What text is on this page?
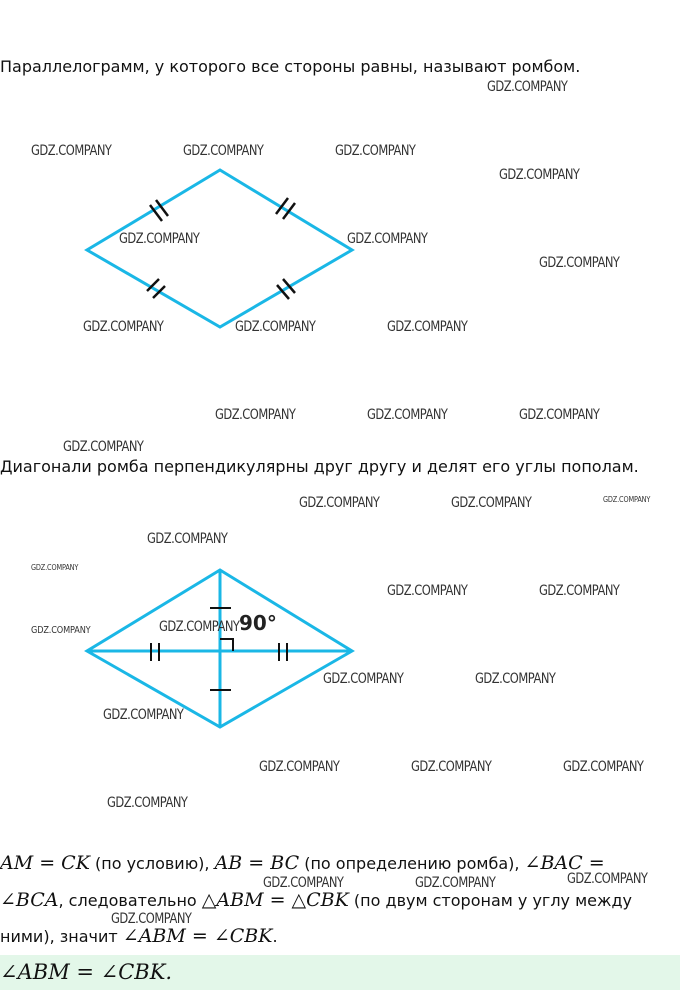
Параллелограмм, у которого все стороны равны, называют ромбом.

Диагонали ромба перпендикулярны друг другу и делят его углы пополам.

90°
AM = CK (по условию), AB = BC (по определению ромба), ∠BAC =
∠BCA, следовательно △ABM = △CBK (по двум сторонам у углу между
ними), значит ∠ABM = ∠CBK.
∠ABM = ∠CBK.
GDZ.COMPANY
GDZ.COMPANY	GDZ.COMPANY	GDZ.COMPANY
GDZ.COMPANY
GDZ.COMPANY	GDZ.COMPANY
GDZ.COMPANY
GDZ.COMPANY	GDZ.COMPANY	GDZ.COMPANY
GDZ.COMPANY	GDZ.COMPANY	GDZ.COMPANY
GDZ.COMPANY
GDZ.COMPANY	GDZ.COMPANY	GDZ.COMPANY
GDZ.COMPANY
GDZ.COMPANY
GDZ.COMPANY	GDZ.COMPANY
GDZ.COMPANY
GDZ.COMPANY
GDZ.COMPANY	GDZ.COMPANY
GDZ.COMPANY
GDZ.COMPANY	GDZ.COMPANY	GDZ.COMPANY
GDZ.COMPANY
GDZ.COMPANY	GDZ.COMPANY	GDZ.COMPANY
GDZ.COMPANY
